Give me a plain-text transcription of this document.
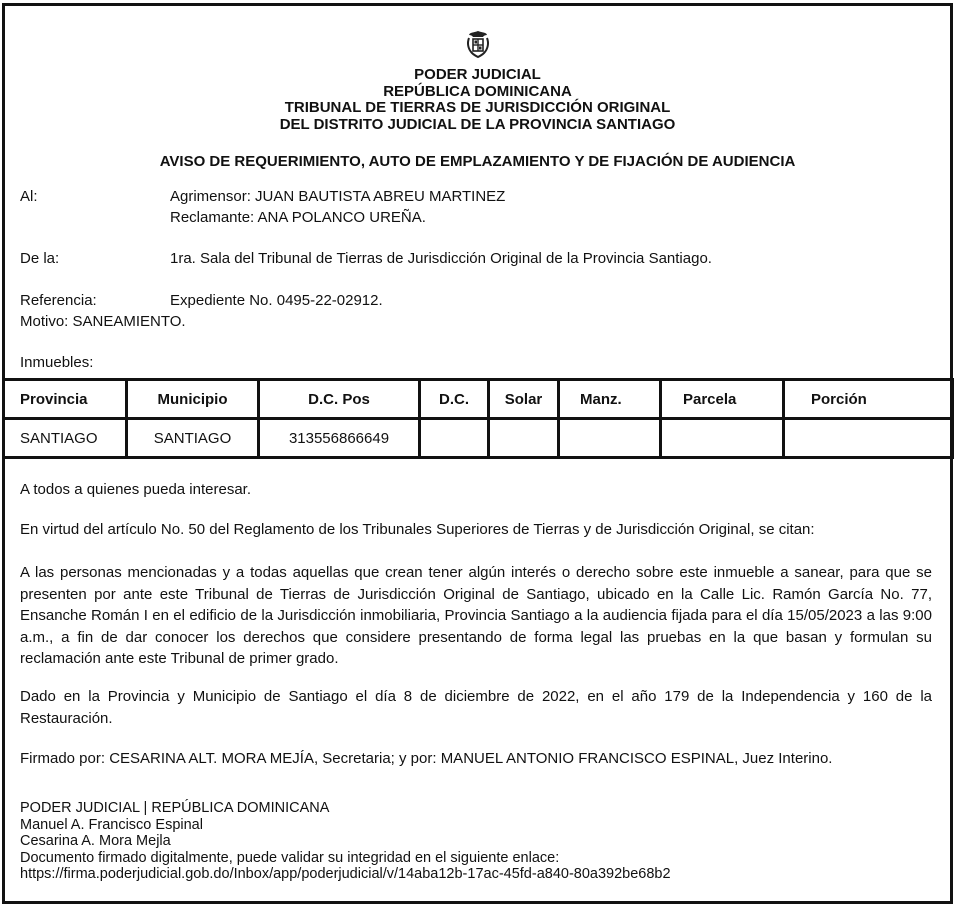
PODER JUDICIAL
REPÚBLICA DOMINICANA
TRIBUNAL DE TIERRAS DE JURISDICCIÓN ORIGINAL
DEL DISTRITO JUDICIAL DE LA PROVINCIA SANTIAGO
AVISO DE REQUERIMIENTO, AUTO DE EMPLAZAMIENTO Y DE FIJACIÓN DE AUDIENCIA
Al:	Agrimensor: JUAN BAUTISTA ABREU MARTINEZ
Reclamante: ANA POLANCO UREÑA.
De la:	1ra. Sala del Tribunal de Tierras de Jurisdicción Original de la Provincia Santiago.
Referencia:	Expediente No. 0495-22-02912.
Motivo: SANEAMIENTO.
Inmuebles:
Provincia	Municipio	D.C. Pos	D.C.	Solar	Manz.	Parcela	Porción
SANTIAGO	SANTIAGO	313556866649					
A todos a quienes pueda interesar.
En virtud del artículo No. 50 del Reglamento de los Tribunales Superiores de Tierras y de Jurisdicción Original, se citan:
A las personas mencionadas y a todas aquellas que crean tener algún interés o derecho sobre este inmueble a sanear, para que se presenten por ante este Tribunal de Tierras de Jurisdicción Original de Santiago, ubicado en la Calle Lic. Ramón García No. 77, Ensanche Román I en el edificio de la Jurisdicción inmobiliaria, Provincia Santiago a la audiencia fijada para el día 15/05/2023 a las 9:00 a.m., a fin de dar conocer los derechos que considere presentando de forma legal las pruebas en la que basan y formulan su reclamación ante este Tribunal de primer grado.
Dado en la Provincia y Municipio de Santiago el día 8 de diciembre de 2022, en el año 179 de la Independencia y 160 de la Restauración.
Firmado por: CESARINA ALT. MORA MEJÍA, Secretaria; y por: MANUEL ANTONIO FRANCISCO ESPINAL, Juez Interino.
PODER JUDICIAL | REPÚBLICA DOMINICANA
Manuel A. Francisco Espinal
Cesarina A. Mora Mejla
Documento firmado digitalmente, puede validar su integridad en el siguiente enlace:
https://firma.poderjudicial.gob.do/Inbox/app/poderjudicial/v/14aba12b-17ac-45fd-a840-80a392be68b2
